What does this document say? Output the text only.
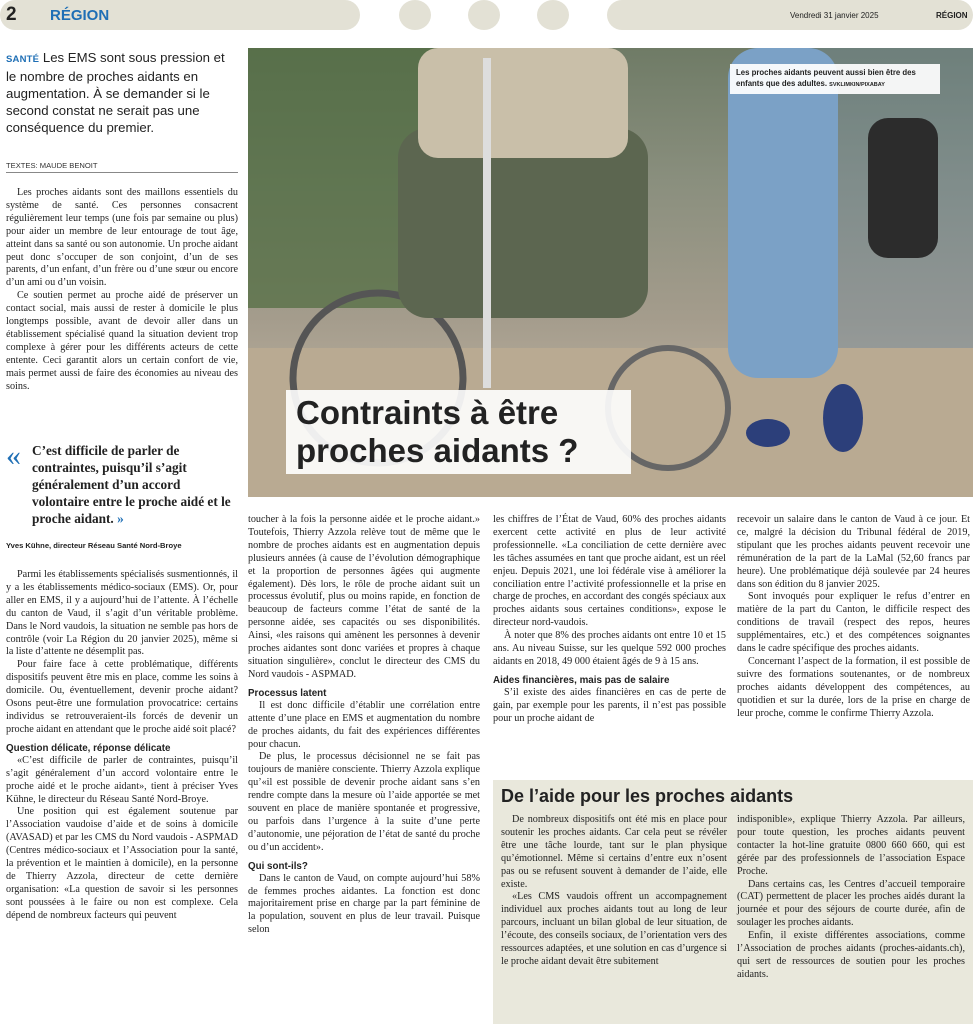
2 RÉGION	Vendredi 31 janvier 2025	RÉGION

SANTÉ Les EMS sont sous pression et le nombre de proches aidants en augmentation. À se demander si le second constat ne serait pas une conséquence du premier.

TEXTES: MAUDE BENOIT

Les proches aidants sont des maillons essentiels du système de santé. Ces personnes consacrent régulièrement leur temps (une fois par semaine ou plus) pour aider un membre de leur entourage de tout âge, atteint dans sa santé ou son autonomie. Un proche aidant peut donc s’occuper de son conjoint, d’un de ses parents, d’un enfant, d’un frère ou d’une sœur ou encore d’un ami ou d’un voisin.

Ce soutien permet au proche aidé de préserver un contact social, mais aussi de rester à domicile le plus longtemps possible, avant de devoir aller dans un établissement spécialisé quand la situation devient trop complexe à gérer pour les différents acteurs de cette entente. Ceci garantit alors un certain confort de vie, mais permet aussi de faire des économies au niveau des soins.

« C’est difficile de parler de contraintes, puisqu’il s’agit généralement d’un accord volontaire entre le proche aidé et le proche aidant. »

Yves Kühne, directeur Réseau Santé Nord-Broye

Parmi les établissements spécialisés susmentionnés, il y a les établissements médico-sociaux (EMS). Or, pour aller en EMS, il y a aujourd’hui de l’attente. À l’échelle du canton de Vaud, il s’agit d’un véritable problème. Dans le Nord vaudois, la situation ne semble pas hors de contrôle (voir La Région du 20 janvier 2025), même si la liste d’attente ne désemplit pas.

Pour faire face à cette problématique, différents dispositifs peuvent être mis en place, comme les soins à domicile. Ou, éventuellement, devenir proche aidant? Osons peut-être une formulation provocatrice: certains individus se retrouveraient-ils forcés de devenir un proche aidant en attendant que le proche aidé soit placé?

Question délicate, réponse délicate

«C’est difficile de parler de contraintes, puisqu’il s’agit généralement d’un accord volontaire entre le proche aidé et le proche aidant», tient à préciser Yves Kühne, le directeur du Réseau Santé Nord-Broye.

Une position qui est également soutenue par l’Association vaudoise d’aide et de soins à domicile (AVASAD) et par les CMS du Nord vaudois - ASPMAD (Centres médico-sociaux et l’Association pour la santé, la prévention et le maintien à domicile), en la personne de Thierry Azzola, directeur de cette dernière organisation: «La question de savoir si les personnes sont poussées à le faire ou non est complexe. Cela dépend de nombreux facteurs qui peuvent

Les proches aidants peuvent aussi bien être des enfants que des adultes. SVKLIMKIN/PIXABAY
Contraints à être
proches aidants ?

toucher à la fois la personne aidée et le proche aidant.» Toutefois, Thierry Azzola relève tout de même que le nombre de proches aidants est en augmentation depuis plusieurs années (à cause de l’évolution démographique et la proportion de personnes âgées qui augmente également). Dès lors, le rôle de proche aidant suit un processus évolutif, plus ou moins rapide, en fonction de beaucoup de facteurs comme l’état de santé de la personne aidée, ses capacités ou ses disponibilités. Ainsi, «les raisons qui amènent les personnes à devenir proches aidantes sont donc variées et propres à chaque situation singulière», conclut le directeur des CMS du Nord vaudois - ASPMAD.

Processus latent

Il est donc difficile d’établir une corrélation entre attente d’une place en EMS et augmentation du nombre de proches aidants, du fait des expériences différentes pour chacun.

De plus, le processus décisionnel ne se fait pas toujours de manière consciente. Thierry Azzola explique qu’«il est possible de devenir proche aidant sans s’en rendre compte dans la mesure où l’aide apportée se met souvent en place de manière spontanée et progressive, ou parfois dans l’urgence à la suite d’une perte d’autonomie, une péjoration de l’état de santé du proche ou d’un accident».

Qui sont-ils?

Dans le canton de Vaud, on compte aujourd’hui 58% de femmes proches aidantes. La fonction est donc majoritairement prise en charge par la part féminine de la population, souvent en plus de leur travail. Puisque selon

les chiffres de l’État de Vaud, 60% des proches aidants exercent cette activité en plus de leur activité professionnelle. «La conciliation de cette dernière avec les tâches assumées en tant que proche aidant, est un réel enjeu. Depuis 2021, une loi fédérale vise à améliorer la conciliation entre l’activité professionnelle et la prise en charge de proches, en accordant des congés spéciaux aux proches aidants sous certaines conditions», expose le directeur nord-vaudois.

À noter que 8% des proches aidants ont entre 10 et 15 ans. Au niveau Suisse, sur les quelque 592 000 proches aidants en 2018, 49 000 étaient âgés de 9 à 15 ans.

Aides financières, mais pas de salaire

S’il existe des aides financières en cas de perte de gain, par exemple pour les parents, il n’est pas possible pour un proche aidant de

recevoir un salaire dans le canton de Vaud à ce jour. Et ce, malgré la décision du Tribunal fédéral de 2019, stipulant que les proches aidants peuvent recevoir une rémunération de la part de la LaMal (52,60 francs par heure). Une problématique déjà soulevée par 24 heures dans son édition du 8 janvier 2025.

Sont invoqués pour expliquer le refus d’entrer en matière de la part du Canton, le difficile respect des conditions de travail (respect des repos, heures supplémentaires, etc.) et des compétences soignantes dans le cadre spécifique des proches aidants.

Concernant l’aspect de la formation, il est possible de suivre des formations soutenantes, or de nombreux proches aidants développent des compétences, au quotidien et sur la durée, lors de la prise en charge de leur proche, comme le confirme Thierry Azzola.

De l’aide pour les proches aidants

De nombreux dispositifs ont été mis en place pour soutenir les proches aidants. Car cela peut se révéler être une tâche lourde, tant sur le plan physique qu’émotionnel. Même si certains d’entre eux n’osent pas ou se refusent souvent à demander de l’aide, elle existe.

«Les CMS vaudois offrent un accompagnement individuel aux proches aidants tout au long de leur parcours, incluant un bilan global de leur situation, de l’écoute, des conseils sociaux, de l’orientation vers des ressources adaptées, et une solution en cas d’urgence si le proche aidant devait être subitement

indisponible», explique Thierry Azzola. Par ailleurs, pour toute question, les proches aidants peuvent contacter la hot-line gratuite 0800 660 660, qui est gérée par des professionnels de l’association Espace Proche.

Dans certains cas, les Centres d’accueil temporaire (CAT) permettent de placer les proches aidés durant la journée et pour des séjours de courte durée, afin de soulager les proches aidants.

Enfin, il existe différentes associations, comme l’Association de proches aidants (proches-aidants.ch), qui sert de ressources de soutien pour les proches aidants.
